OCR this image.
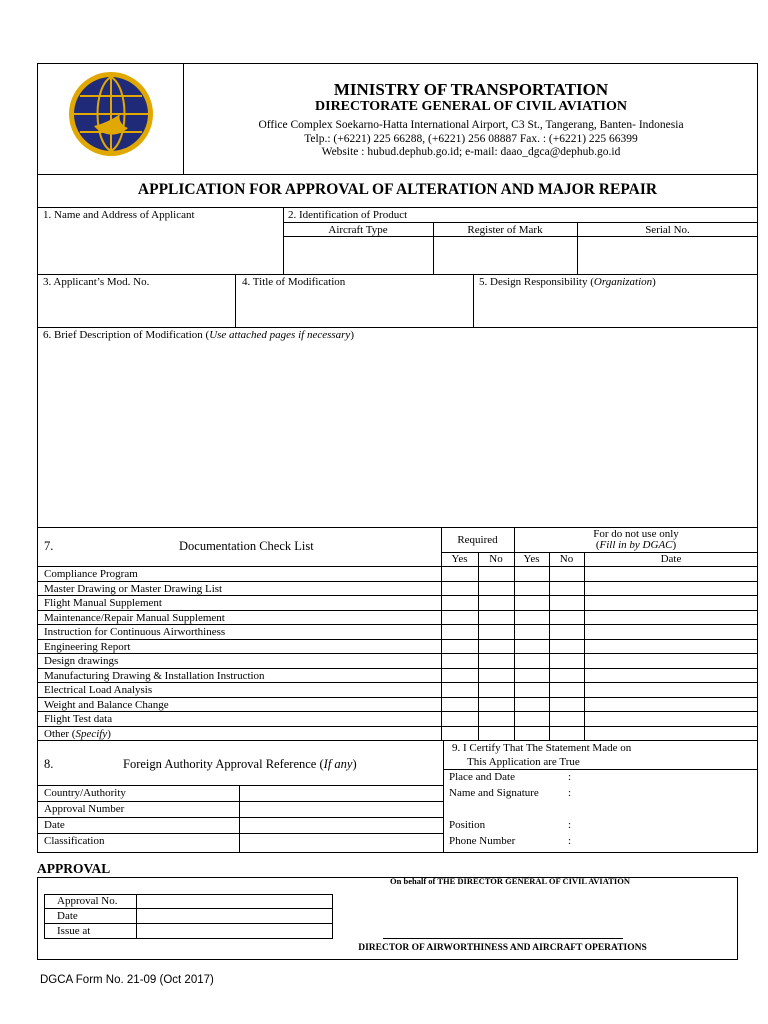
MINISTRY OF TRANSPORTATION
DIRECTORATE GENERAL OF CIVIL AVIATION
Office Complex Soekarno-Hatta International Airport, C3 St., Tangerang, Banten- Indonesia
Telp.: (+6221) 225 66288, (+6221) 256 08887 Fax. : (+6221) 225 66399
Website : hubud.dephub.go.id; e-mail: daao_dgca@dephub.go.id
APPLICATION FOR APPROVAL OF ALTERATION AND MAJOR REPAIR
1. Name and Address of Applicant	2. Identification of Product
Aircraft Type	Register of Mark	Serial No.
3. Applicant’s Mod. No.	4. Title of Modification	5. Design Responsibility (Organization)
6. Brief Description of Modification (Use attached pages if necessary)
7.	Documentation Check List	Required	For do not use only
(Fill in by DGAC)
Yes	No	Yes	No	Date
Compliance Program
Master Drawing or Master Drawing List
Flight Manual Supplement
Maintenance/Repair Manual Supplement
Instruction for Continuous Airworthiness
Engineering Report
Design drawings
Manufacturing Drawing & Installation Instruction
Electrical Load Analysis
Weight and Balance Change
Flight Test data
Other (Specify)
8.	Foreign Authority Approval Reference (If any)
Country/Authority
Approval Number
Date
Classification
9. I Certify That The Statement Made on
This Application are True
Place and Date	:
Name and Signature	:
Position	:
Phone Number	:
APPROVAL
On behalf of THE DIRECTOR GENERAL OF CIVIL AVIATION
Approval No.
Date
Issue at
DIRECTOR OF AIRWORTHINESS AND AIRCRAFT OPERATIONS
DGCA Form No. 21-09 (Oct 2017)
